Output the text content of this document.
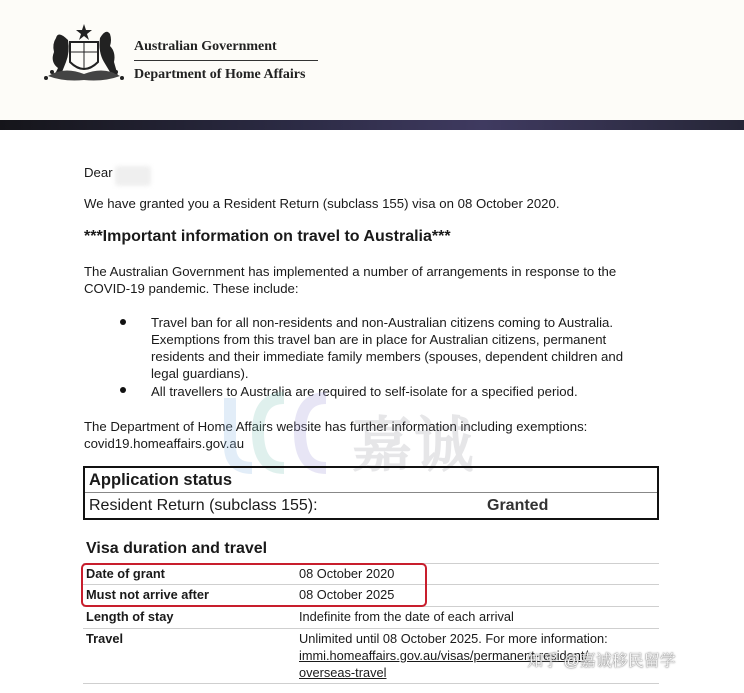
Australian Government
Department of Home Affairs
Dear
We have granted you a Resident Return (subclass 155) visa on 08 October 2020.
***Important information on travel to Australia***
The Australian Government has implemented a number of arrangements in response to the
COVID-19 pandemic. These include:
Travel ban for all non-residents and non-Australian citizens coming to Australia.
Exemptions from this travel ban are in place for Australian citizens, permanent
residents and their immediate family members (spouses, dependent children and
legal guardians).
All travellers to Australia are required to self-isolate for a specified period.
The Department of Home Affairs website has further information including exemptions:
covid19.homeaffairs.gov.au 嘉诚
Application status
Resident Return (subclass 155):	Granted
Visa duration and travel
Date of grant	08 October 2020
Must not arrive after	08 October 2025
Length of stay	Indefinite from the date of each arrival
Travel	Unlimited until 08 October 2025. For more information:
immi.homeaffairs.gov.au/visas/permanent-resident/
overseas-travel
知乎 @嘉诚移民留学
